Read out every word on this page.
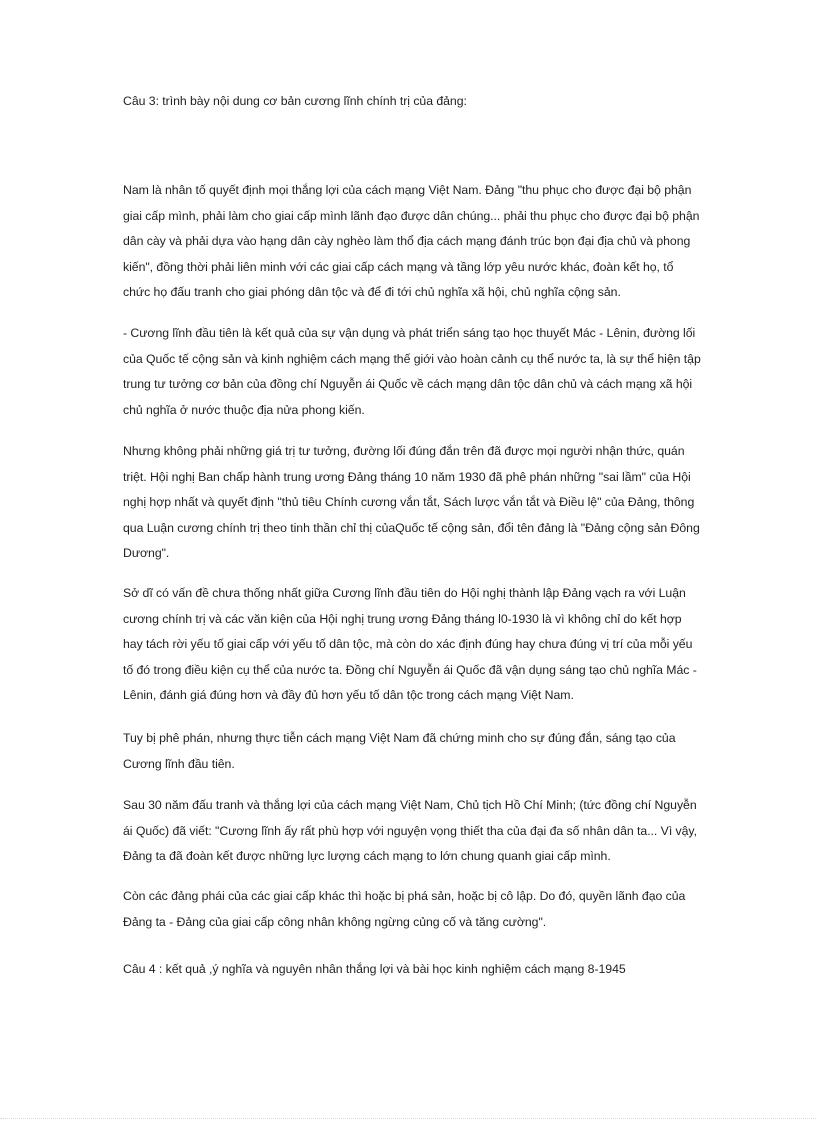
Câu 3: trình bày nội dung cơ bản cương lĩnh chính trị của đảng:

Nam là nhân tố quyết định mọi thắng lợi của cách mạng Việt Nam. Đảng "thu phục cho được đại bộ phận giai cấp mình, phải làm cho giai cấp mình lãnh đạo được dân chúng... phải thu phục cho được đại bộ phận dân cày và phải dựa vào hạng dân cày nghèo làm thổ địa cách mạng đánh trúc bọn đại địa chủ và phong kiến", đồng thời phải liên minh với các giai cấp cách mạng và tầng lớp yêu nước khác, đoàn kết họ, tổ chức họ đấu tranh cho giai phóng dân tộc và để đi tới chủ nghĩa xã hội, chủ nghĩa cộng sản.

- Cương lĩnh đầu tiên là kết quả của sự vận dụng và phát triển sáng tạo học thuyết Mác - Lênin, đường lối của Quốc tế cộng sản và kinh nghiệm cách mạng thế giới vào hoàn cảnh cụ thể nước ta, là sự thể hiện tập trung tư tưởng cơ bản của đồng chí Nguyễn ái Quốc về cách mạng dân tộc dân chủ và cách mạng xã hội chủ nghĩa ở nước thuộc địa nửa phong kiến.

Nhưng không phải những giá trị tư tưởng, đường lối đúng đắn trên đã được mọi người nhận thức, quán triệt. Hội nghị Ban chấp hành trung ương Đảng tháng 10 năm 1930 đã phê phán những "sai lầm" của Hội nghị hợp nhất và quyết định "thủ tiêu Chính cương vắn tắt, Sách lược vắn tắt và Điều lệ" của Đảng, thông qua Luận cương chính trị theo tinh thần chỉ thị củaQuốc tế cộng sản, đổi tên đảng là "Đảng cộng sản Đông Dương".

Sở dĩ có vấn đề chưa thống nhất giữa Cương lĩnh đầu tiên do Hội nghị thành lập Đảng vạch ra với Luận cương chính trị và các văn kiện của Hội nghị trung ương Đảng tháng l0-1930 là vì không chỉ do kết hợp hay tách rời yếu tố giai cấp với yếu tố dân tộc, mà còn do xác định đúng hay chưa đúng vị trí của mỗi yếu tố đó trong điều kiện cụ thể của nước ta. Đồng chí Nguyễn ái Quốc đã vận dụng sáng tạo chủ nghĩa Mác - Lênin, đánh giá đúng hơn và đầy đủ hơn yếu tố dân tộc trong cách mạng Việt Nam.

Tuy bị phê phán, nhưng thực tiễn cách mạng Việt Nam đã chứng minh cho sự đúng đắn, sáng tạo của Cương lĩnh đầu tiên.

Sau 30 năm đấu tranh và thắng lợi của cách mạng Việt Nam, Chủ tịch Hồ Chí Minh; (tức đồng chí Nguyễn ái Quốc) đã viết: "Cương lĩnh ấy rất phù hợp với nguyện vọng thiết tha của đại đa số nhân dân ta... Vì vậy, Đảng ta đã đoàn kết được những lực lượng cách mạng to lớn chung quanh giai cấp mình.

Còn các đảng phái của các giai cấp khác thì hoặc bị phá sản, hoặc bị cô lập. Do đó, quyền lãnh đạo của Đảng ta - Đảng của giai cấp công nhân không ngừng củng cố và tăng cường".

Câu 4 : kết quả ,ý nghĩa và nguyên nhân thắng lợi và bài học kinh nghiệm cách mạng 8-1945
